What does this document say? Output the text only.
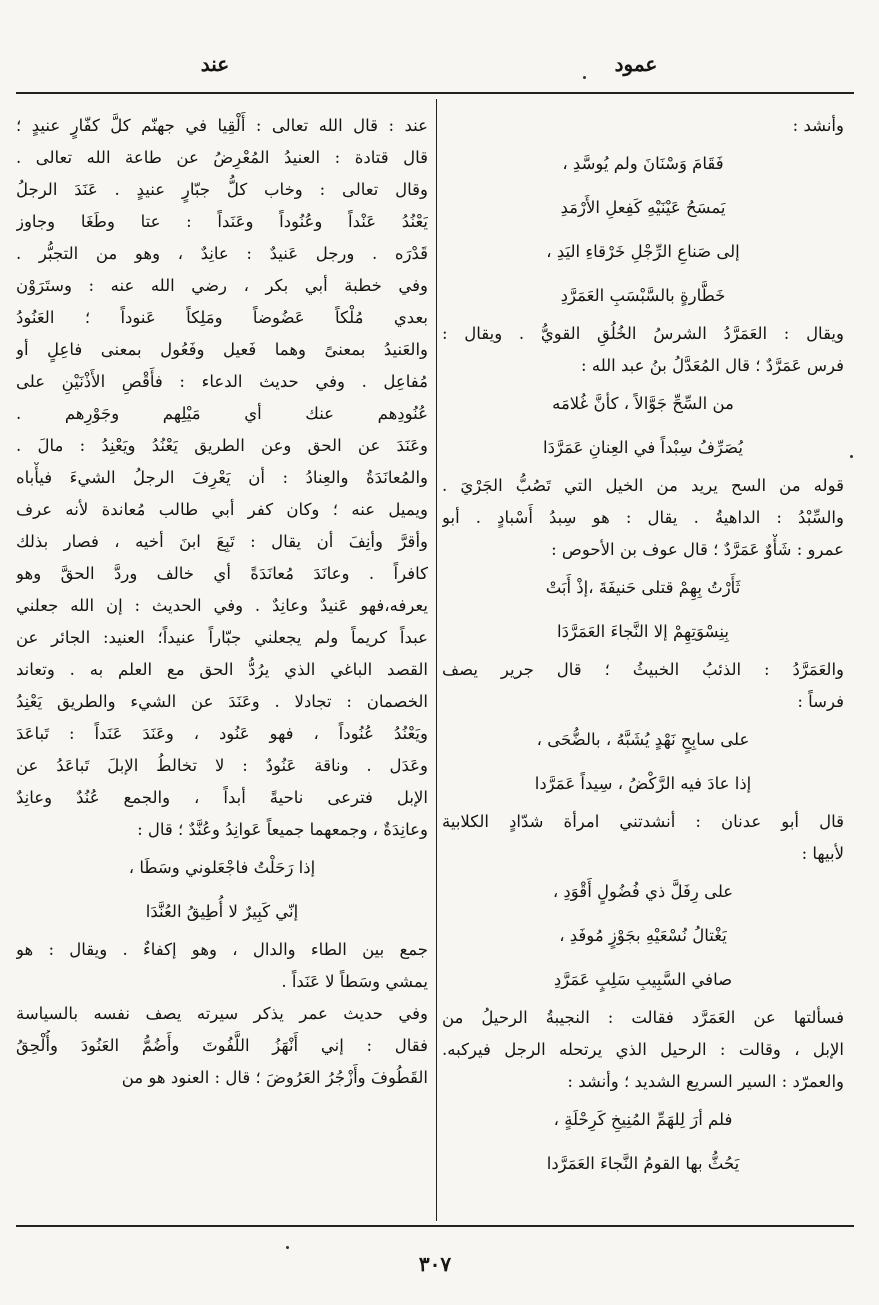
عمود
عند
وأنشد :
فَقَامَ وَسْنَانَ ولم يُوسَّدِ ،
يَمسَحُ عَيْنَيْهِ كَفِعلِ الأَرْمَدِ
إلى صَناعِ الرِّجْلِ خَرْقاءِ اليَدِ ،
خَطَّارةٍ بالسَّبْسَبِ العَمَرَّدِ
ويقال : العَمَرَّدُ الشرسُ الخُلُقِ القويُّ . ويقال :
فرس عَمَرَّدٌ ؛ قال المُعَدَّلُ بنُ عبد الله :
من السِّحِّ جَوَّالاً ، كأنَّ غُلامَه
يُصَرِّفُ سِبْداً في العِنانِ عَمَرَّدَا
قوله من السح يريد من الخيل التي تَصُبُّ الجَرْيَ .
والسِّبْدُ : الداهيةُ . يقال : هو سِبدُ أَسْبادٍ . أبو
عمرو : شَأْوٌ عَمَرَّدٌ ؛ قال عوف بن الأحوص :
ثَأَرْتُ بِهِمْ قتلى حَنيفَةَ ،إذْ أَبَتْ
بِنِسْوَتِهِمْ إلا النَّجاءَ العَمَرَّدَا
والعَمَرَّدُ : الذئبُ الخبيثُ ؛ قال جرير يصف
فرساً :
على سابِحٍ نَهْدٍ يُشَبَّهُ ، بالضُّحَى ،
إذا عادَ فيه الرَّكْضُ ، سِيداً عَمَرَّدا
قال أبو عدنان : أنشدتني امرأة شدّادٍ الكلابية
لأبيها :
على رِفَلَّ ذي فُضُولٍ أَقْوَدِ ،
يَغْتالُ نُسْعَيْهِ بجَوْزٍ مُوفَدِ ،
صافي السَّبِيبِ سَلِبٍ عَمَرَّدِ
فسألتها عن العَمَرَّد فقالت : النجيبةُ الرحيلُ من
الإبل ، وقالت : الرحيل الذي يرتحله الرجل فيركبه.
والعمرّد : السير السريع الشديد ؛ وأنشد :
فلم أرَ لِلهَمِّ المُنِيخِ كَرِحْلَةٍ ،
يَحُثُّ بها القومُ النَّجاءَ العَمَرَّدا
عند : قال الله تعالى : أَلْقِيا في جهنّم كلَّ كفّارٍ عنيدٍ ؛
قال قتادة : العنيدُ المُعْرِضُ عن طاعة الله تعالى .
وقال تعالى : وخاب كلُّ جبّارٍ عنيدٍ . عَنَدَ الرجلُ
يَعْنُدُ عَنْداً وعُنُوداً وعَنَداً : عتا وطَغَا وجاوز
قَدْرَه . ورجل عَنيدٌ : عانِدٌ ، وهو من التجبُّر .
وفي خطبة أبي بكر ، رضي الله عنه : وستَرَوْن
بعدي مُلْكاً عَضُوضاً ومَلِكاً عَنوداً ؛ العَنُودُ
والعَنيدُ بمعنىً وهما فَعيل وفَعُول بمعنى فاعِلٍ أو
مُفاعِل . وفي حديث الدعاء : فأَقْصِ الأَذْنَيْنِ على
عُنُودِهم عنك أي مَيْلِهم وجَوْرِهم .
وعَنَدَ عن الحق وعن الطريق يَعْنُدُ ويَعْنِدُ : مالَ .
والمُعانَدَةُ والعِنادُ : أن يَعْرِفَ الرجلُ الشيءَ فيأْباه
ويميل عنه ؛ وكان كفر أبي طالب مُعاندة لأنه عرف
وأقرَّ وأنِفَ أن يقال : تَبِعَ ابنَ أخيه ، فصار بذلك
كافراً . وعانَدَ مُعانَدَةً أي خالف وردَّ الحقَّ وهو
يعرفه،فهو عَنيدٌ وعانِدٌ . وفي الحديث : إن الله جعلني
عبداً كريماً ولم يجعلني جبّاراً عنيداً؛ العنيد: الجائر عن
القصد الباغي الذي يرُدُّ الحق مع العلم به . وتعاند
الخصمان : تجادلا . وعَنَدَ عن الشيء والطريق يَعْنِدُ
ويَعْنُدُ عُنُوداً ، فهو عَنُود ، وعَنَدَ عَنَداً : تَباعَدَ
وعَدَل . وناقة عَنُودٌ : لا تخالطُ الإبلَ تَباعَدُ عن
الإبل فترعى ناحيةً أبداً ، والجمع عُنُدٌ وعانِدٌ
وعانِدَةٌ ، وجمعهما جميعاً عَوانِدُ وعُنَّدٌ ؛ قال :
إذا رَحَلْتُ فاجْعَلوني وسَطَا ،
إنّي كَبِيرٌ لا أُطِيقُ العُنَّدَا
جمع بين الطاء والدال ، وهو إكفاءٌ . ويقال : هو
يمشي وسَطاً لا عَنَداً .
وفي حديث عمر يذكر سيرته يصف نفسه بالسياسة
فقال : إني أَنْهَزُ اللَّفُوتَ وأَضُمُّ العَنُودَ وأُلْحِقُ
القَطُوفَ وأَزْجُرُ العَرُوضَ ؛ قال : العنود هو من
٣٠٧
